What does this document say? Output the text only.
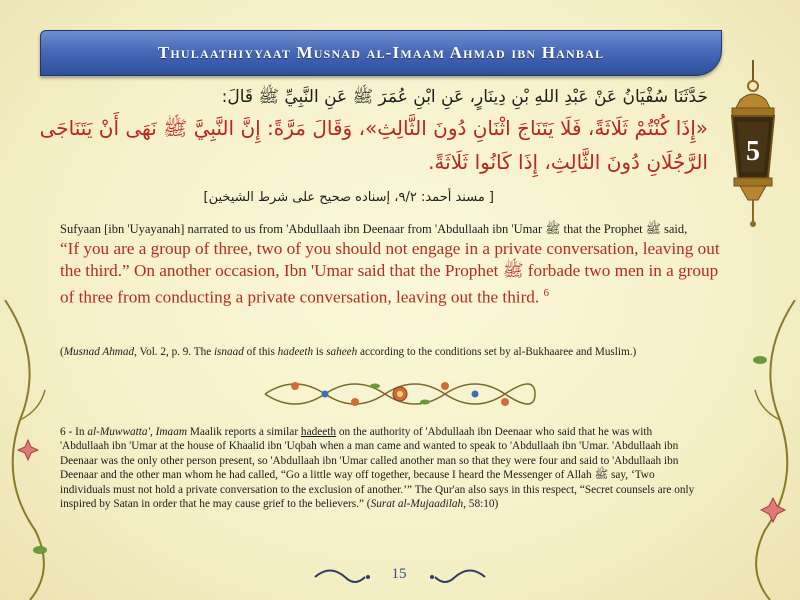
Thulaathiyyaat Musnad al-Imaam Ahmad ibn Hanbal
5
حَدَّثَنَا سُفْيَانُ عَنْ عَبْدِ اللهِ بْنِ دِينَارٍ، عَنِ ابْنِ عُمَرَ ﷺ عَنِ النَّبِيِّ ﷺ قَالَ:
«إِذَا كُنْتُمْ ثَلَاثَةً، فَلَا يَتَنَاجَ اثْنَانِ دُونَ الثَّالِثِ»، وَقَالَ مَرَّةً: إِنَّ النَّبِيَّ ﷺ نَهَى أَنْ يَتَنَاجَى
الرَّجُلَانِ دُونَ الثَّالِثِ، إِذَا كَانُوا ثَلَاثَةً.
[ مسند أحمد: ٩/٢، إسناده صحيح على شرط الشيخين]
Sufyaan [ibn 'Uyayanah] narrated to us from 'Abdullaah ibn Deenaar from 'Abdullaah ibn 'Umar ﷺ that the Prophet ﷺ said,
“If you are a group of three, two of you should not engage in a private conversation, leaving out the third.” On another occasion, Ibn 'Umar said that the Prophet ﷺ forbade two men in a group of three from conducting a private conversation, leaving out the third. $^6$
(Musnad Ahmad, Vol. 2, p. 9. The isnaad of this hadeeth is saheeh according to the conditions set by al-Bukhaaree and Muslim.)
6 - In al-Muwwatta', Imaam Maalik reports a similar hadeeth on the authority of 'Abdullaah ibn Deenaar who said that he was with 'Abdullaah ibn 'Umar at the house of Khaalid ibn 'Uqbah when a man came and wanted to speak to 'Abdullaah ibn 'Umar. 'Abdullaah ibn Deenaar was the only other person present, so 'Abdullaah ibn 'Umar called another man so that they were four and said to 'Abdullaah ibn Deenaar and the other man whom he had called, “Go a little way off together, because I heard the Messenger of Allah ﷺ say, ‘Two individuals must not hold a private conversation to the exclusion of another.’” The Qur'an also says in this respect, “Secret counsels are only inspired by Satan in order that he may cause grief to the believers.” (Surat al-Mujaadilah, 58:10)
15
